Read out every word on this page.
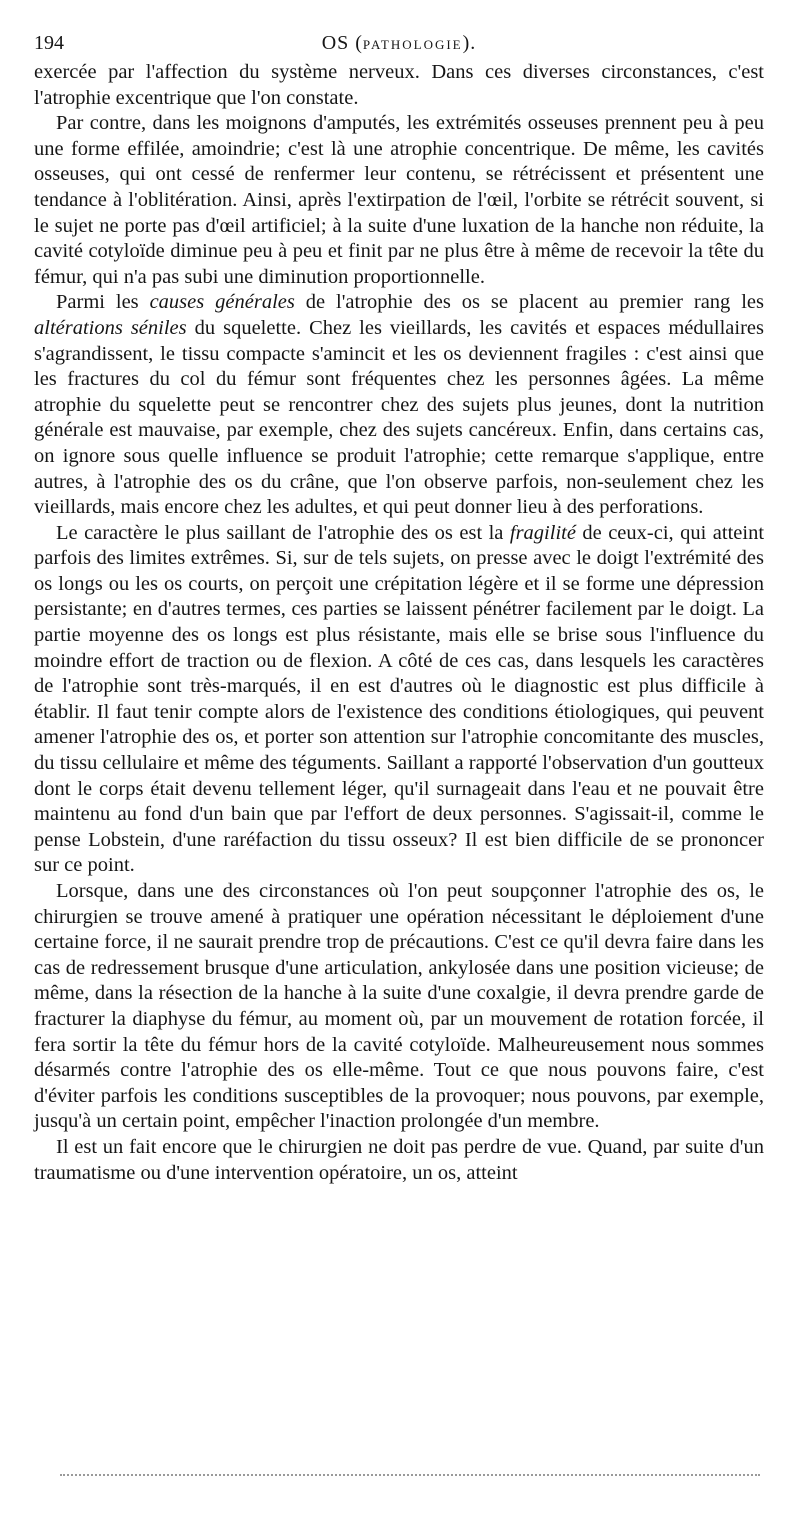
194	OS (PATHOLOGIE).

exercée par l'affection du système nerveux. Dans ces diverses circonstances, c'est l'atrophie excentrique que l'on constate.

Par contre, dans les moignons d'amputés, les extrémités osseuses prennent peu à peu une forme effilée, amoindrie; c'est là une atrophie concentrique. De même, les cavités osseuses, qui ont cessé de renfermer leur contenu, se rétrécissent et présentent une tendance à l'oblitération. Ainsi, après l'extirpation de l'œil, l'orbite se rétrécit souvent, si le sujet ne porte pas d'œil artificiel; à la suite d'une luxation de la hanche non réduite, la cavité cotyloïde diminue peu à peu et finit par ne plus être à même de recevoir la tête du fémur, qui n'a pas subi une diminution proportionnelle.

Parmi les causes générales de l'atrophie des os se placent au premier rang les altérations séniles du squelette. Chez les vieillards, les cavités et espaces médullaires s'agrandissent, le tissu compacte s'amincit et les os deviennent fragiles : c'est ainsi que les fractures du col du fémur sont fréquentes chez les personnes âgées. La même atrophie du squelette peut se rencontrer chez des sujets plus jeunes, dont la nutrition générale est mauvaise, par exemple, chez des sujets cancéreux. Enfin, dans certains cas, on ignore sous quelle influence se produit l'atrophie; cette remarque s'applique, entre autres, à l'atrophie des os du crâne, que l'on observe parfois, non-seulement chez les vieillards, mais encore chez les adultes, et qui peut donner lieu à des perforations.

Le caractère le plus saillant de l'atrophie des os est la fragilité de ceux-ci, qui atteint parfois des limites extrêmes. Si, sur de tels sujets, on presse avec le doigt l'extrémité des os longs ou les os courts, on perçoit une crépitation légère et il se forme une dépression persistante; en d'autres termes, ces parties se laissent pénétrer facilement par le doigt. La partie moyenne des os longs est plus résistante, mais elle se brise sous l'influence du moindre effort de traction ou de flexion. A côté de ces cas, dans lesquels les caractères de l'atrophie sont très-marqués, il en est d'autres où le diagnostic est plus difficile à établir. Il faut tenir compte alors de l'existence des conditions étiologiques, qui peuvent amener l'atrophie des os, et porter son attention sur l'atrophie concomitante des muscles, du tissu cellulaire et même des téguments. Saillant a rapporté l'observation d'un goutteux dont le corps était devenu tellement léger, qu'il surnageait dans l'eau et ne pouvait être maintenu au fond d'un bain que par l'effort de deux personnes. S'agissait-il, comme le pense Lobstein, d'une raréfaction du tissu osseux? Il est bien difficile de se prononcer sur ce point.

Lorsque, dans une des circonstances où l'on peut soupçonner l'atrophie des os, le chirurgien se trouve amené à pratiquer une opération nécessitant le déploiement d'une certaine force, il ne saurait prendre trop de précautions. C'est ce qu'il devra faire dans les cas de redressement brusque d'une articulation, ankylosée dans une position vicieuse; de même, dans la résection de la hanche à la suite d'une coxalgie, il devra prendre garde de fracturer la diaphyse du fémur, au moment où, par un mouvement de rotation forcée, il fera sortir la tête du fémur hors de la cavité cotyloïde. Malheureusement nous sommes désarmés contre l'atrophie des os elle-même. Tout ce que nous pouvons faire, c'est d'éviter parfois les conditions susceptibles de la provoquer; nous pouvons, par exemple, jusqu'à un certain point, empêcher l'inaction prolongée d'un membre.

Il est un fait encore que le chirurgien ne doit pas perdre de vue. Quand, par suite d'un traumatisme ou d'une intervention opératoire, un os, atteint
